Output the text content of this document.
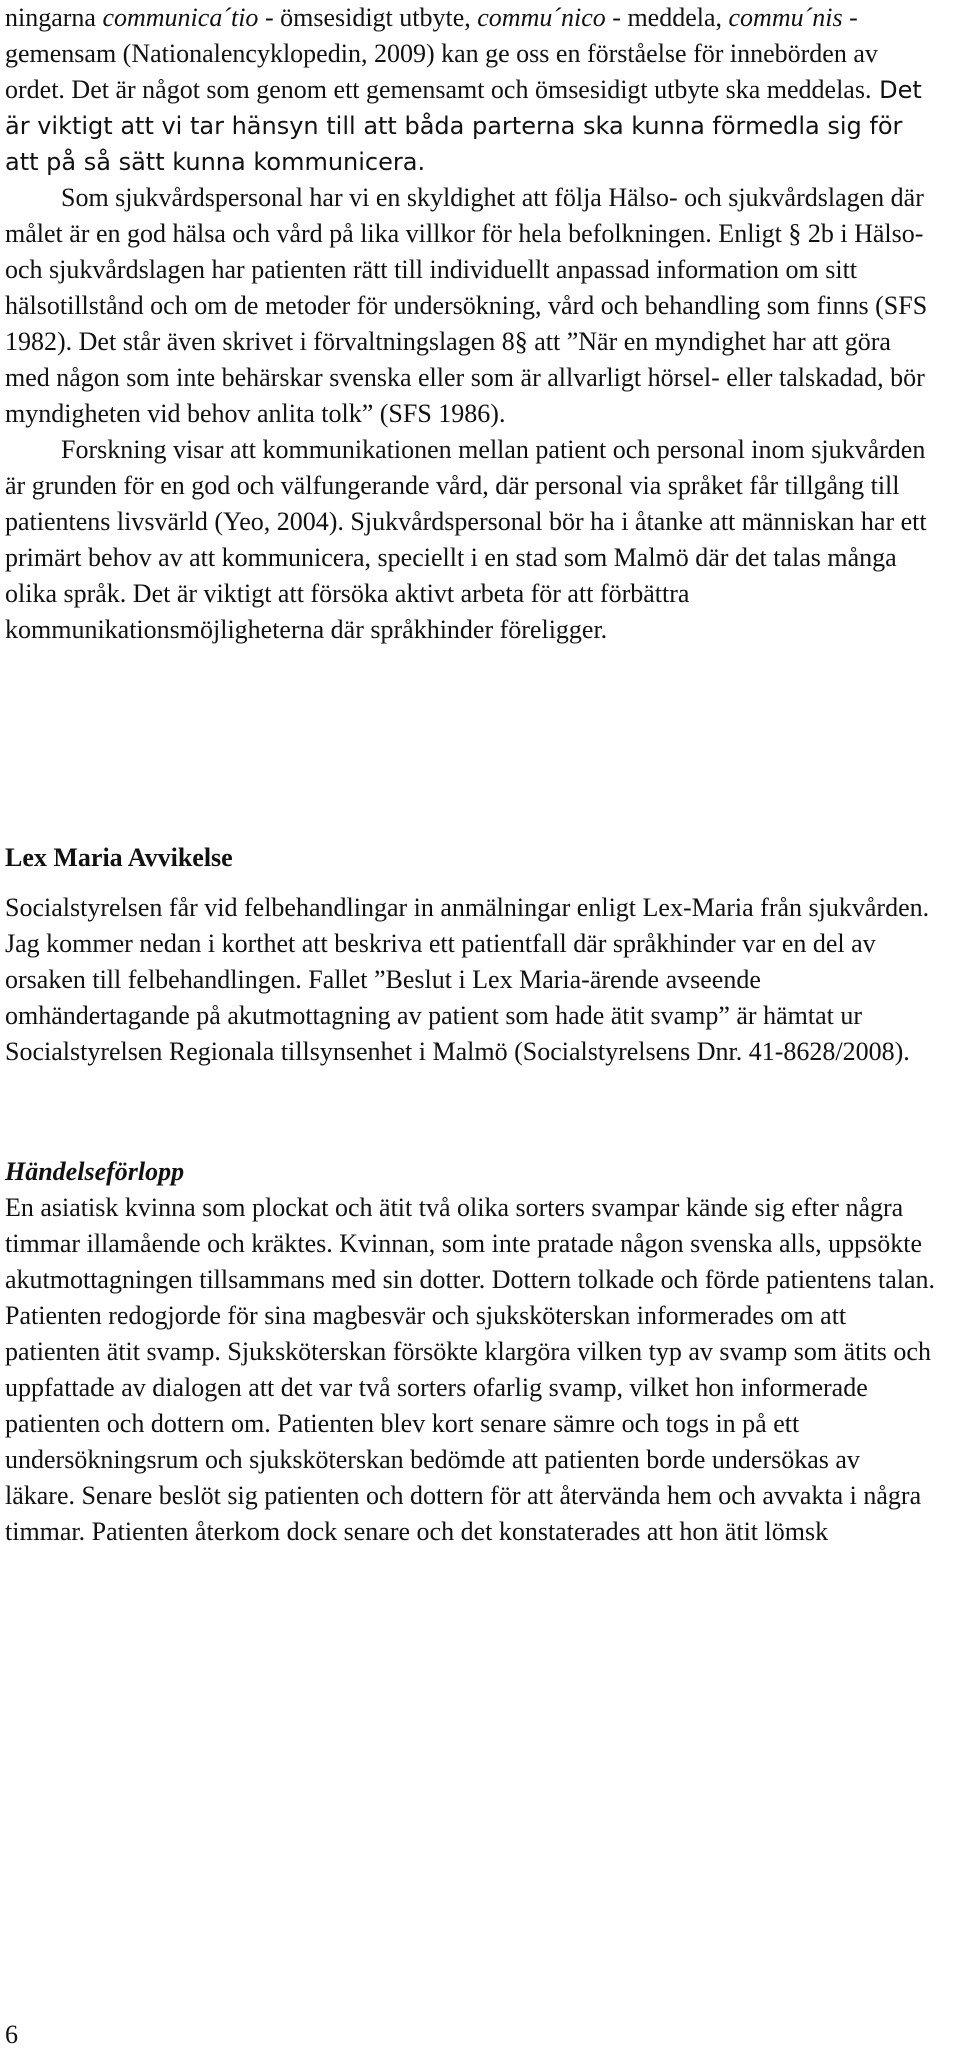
ningarna communica´tio - ömsesidigt utbyte, commu´nico - meddela, commu´nis - gemensam (Nationalencyklopedin, 2009) kan ge oss en förståelse för innebörden av ordet. Det är något som genom ett gemensamt och ömsesidigt utbyte ska meddelas. Det är viktigt att vi tar hänsyn till att båda parterna ska kunna förmedla sig för att på så sätt kunna kommunicera.

Som sjukvårdspersonal har vi en skyldighet att följa Hälso- och sjukvårdslagen där målet är en god hälsa och vård på lika villkor för hela befolkningen. Enligt § 2b i Hälso- och sjukvårdslagen har patienten rätt till individuellt anpassad information om sitt hälsotillstånd och om de metoder för undersökning, vård och behandling som finns (SFS 1982). Det står även skrivet i förvaltningslagen 8§ att ”När en myndighet har att göra med någon som inte behärskar svenska eller som är allvarligt hörsel- eller talskadad, bör myndigheten vid behov anlita tolk” (SFS 1986).

Forskning visar att kommunikationen mellan patient och personal inom sjukvården är grunden för en god och välfungerande vård, där personal via språket får tillgång till patientens livsvärld (Yeo, 2004). Sjukvårdspersonal bör ha i åtanke att människan har ett primärt behov av att kommunicera, speciellt i en stad som Malmö där det talas många olika språk. Det är viktigt att försöka aktivt arbeta för att förbättra kommunikationsmöjligheterna där språkhinder föreligger.

Lex Maria Avvikelse

Socialstyrelsen får vid felbehandlingar in anmälningar enligt Lex-Maria från sjukvården. Jag kommer nedan i korthet att beskriva ett patientfall där språkhinder var en del av orsaken till felbehandlingen. Fallet ”Beslut i Lex Maria-ärende avseende omhändertagande på akutmottagning av patient som hade ätit svamp” är hämtat ur Socialstyrelsen Regionala tillsynsenhet i Malmö (Socialstyrelsens Dnr. 41-8628/2008).

Händelseförlopp

En asiatisk kvinna som plockat och ätit två olika sorters svampar kände sig efter några timmar illamående och kräktes. Kvinnan, som inte pratade någon svenska alls, uppsökte akutmottagningen tillsammans med sin dotter. Dottern tolkade och förde patientens talan. Patienten redogjorde för sina magbesvär och sjuksköterskan informerades om att patienten ätit svamp. Sjuksköterskan försökte klargöra vilken typ av svamp som ätits och uppfattade av dialogen att det var två sorters ofarlig svamp, vilket hon informerade patienten och dottern om. Patienten blev kort senare sämre och togs in på ett undersökningsrum och sjuksköterskan bedömde att patienten borde undersökas av läkare. Senare beslöt sig patienten och dottern för att återvända hem och avvakta i några timmar. Patienten återkom dock senare och det konstaterades att hon ätit lömsk

6
